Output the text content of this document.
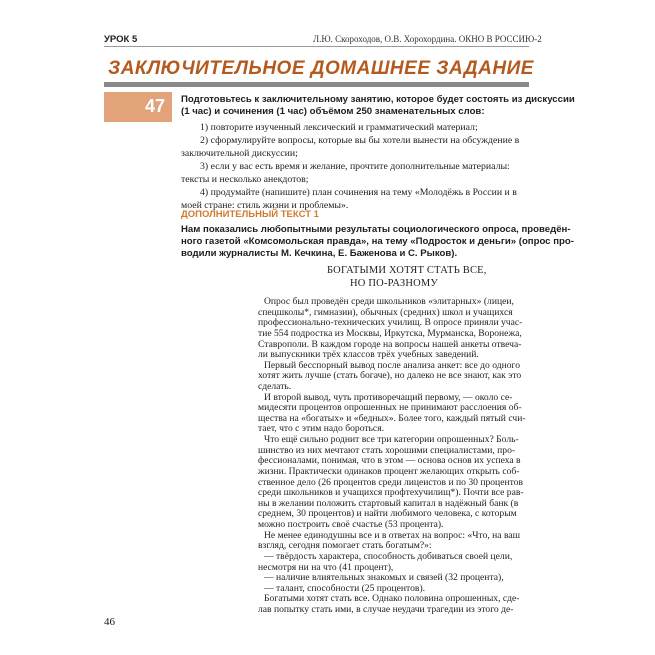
УРОК 5	Л.Ю. Скороходов, О.В. Хорохордина. ОКНО В РОССИЮ-2
ЗАКЛЮЧИТЕЛЬНОЕ ДОМАШНЕЕ ЗАДАНИЕ
47 Подготовьтесь к заключительному занятию, которое будет состоять из дискуссии
(1 час) и сочинения (1 час) объёмом 250 знаменательных слов:
1) повторите изученный лексический и грамматический материал;
2) сформулируйте вопросы, которые вы бы хотели вынести на обсуждение в
заключительной дискуссии;
3) если у вас есть время и желание, прочтите дополнительные материалы:
тексты и несколько анекдотов;
4) продумайте (напишите) план сочинения на тему «Молодёжь в России и в
моей стране: стиль жизни и проблемы».
ДОПОЛНИТЕЛЬНЫЙ ТЕКСТ 1
Нам показались любопытными результаты социологического опроса, проведён-
ного газетой «Комсомольская правда», на тему «Подросток и деньги» (опрос про-
водили журналисты М. Кечкина, Е. Баженова и С. Рыков).
БОГАТЫМИ ХОТЯТ СТАТЬ ВСЕ,
НО ПО-РАЗНОМУ
Опрос был проведён среди школьников «элитарных» (лицеи,
спецшколы*, гимназии), обычных (средних) школ и учащихся
профессионально-технических училищ. В опросе приняли учас-
тие 554 подростка из Москвы, Иркутска, Мурманска, Воронежа,
Ставрополи. В каждом городе на вопросы нашей анкеты отвеча-
ли выпускники трёх классов трёх учебных заведений.
Первый бесспорный вывод после анализа анкет: все до одного
хотят жить лучше (стать богаче), но далеко не все знают, как это
сделать.
И второй вывод, чуть противоречащий первому, — около се-
мидесяти процентов опрошенных не принимают расслоения об-
щества на «богатых» и «бедных». Более того, каждый пятый счи-
тает, что с этим надо бороться.
Что ещё сильно роднит все три категории опрошенных? Боль-
шинство из них мечтают стать хорошими специалистами, про-
фессионалами, понимая, что в этом — основа основ их успеха в
жизни. Практически одинаков процент желающих открыть соб-
ственное дело (26 процентов среди лицеистов и по 30 процентов
среди школьников и учащихся профтехучилищ*). Почти все рав-
ны в желании положить стартовый капитал в надёжный банк (в
среднем, 30 процентов) и найти любимого человека, с которым
можно построить своё счастье (53 процента).
Не менее единодушны все и в ответах на вопрос: «Что, на ваш
взгляд, сегодня помогает стать богатым?»:
— твёрдость характера, способность добиваться своей цели,
несмотря ни на что (41 процент),
— наличие влиятельных знакомых и связей (32 процента),
— талант, способности (25 процентов).
Богатыми хотят стать все. Однако половина опрошенных, сде-
лав попытку стать ими, в случае неудачи трагедии из этого де-
46
